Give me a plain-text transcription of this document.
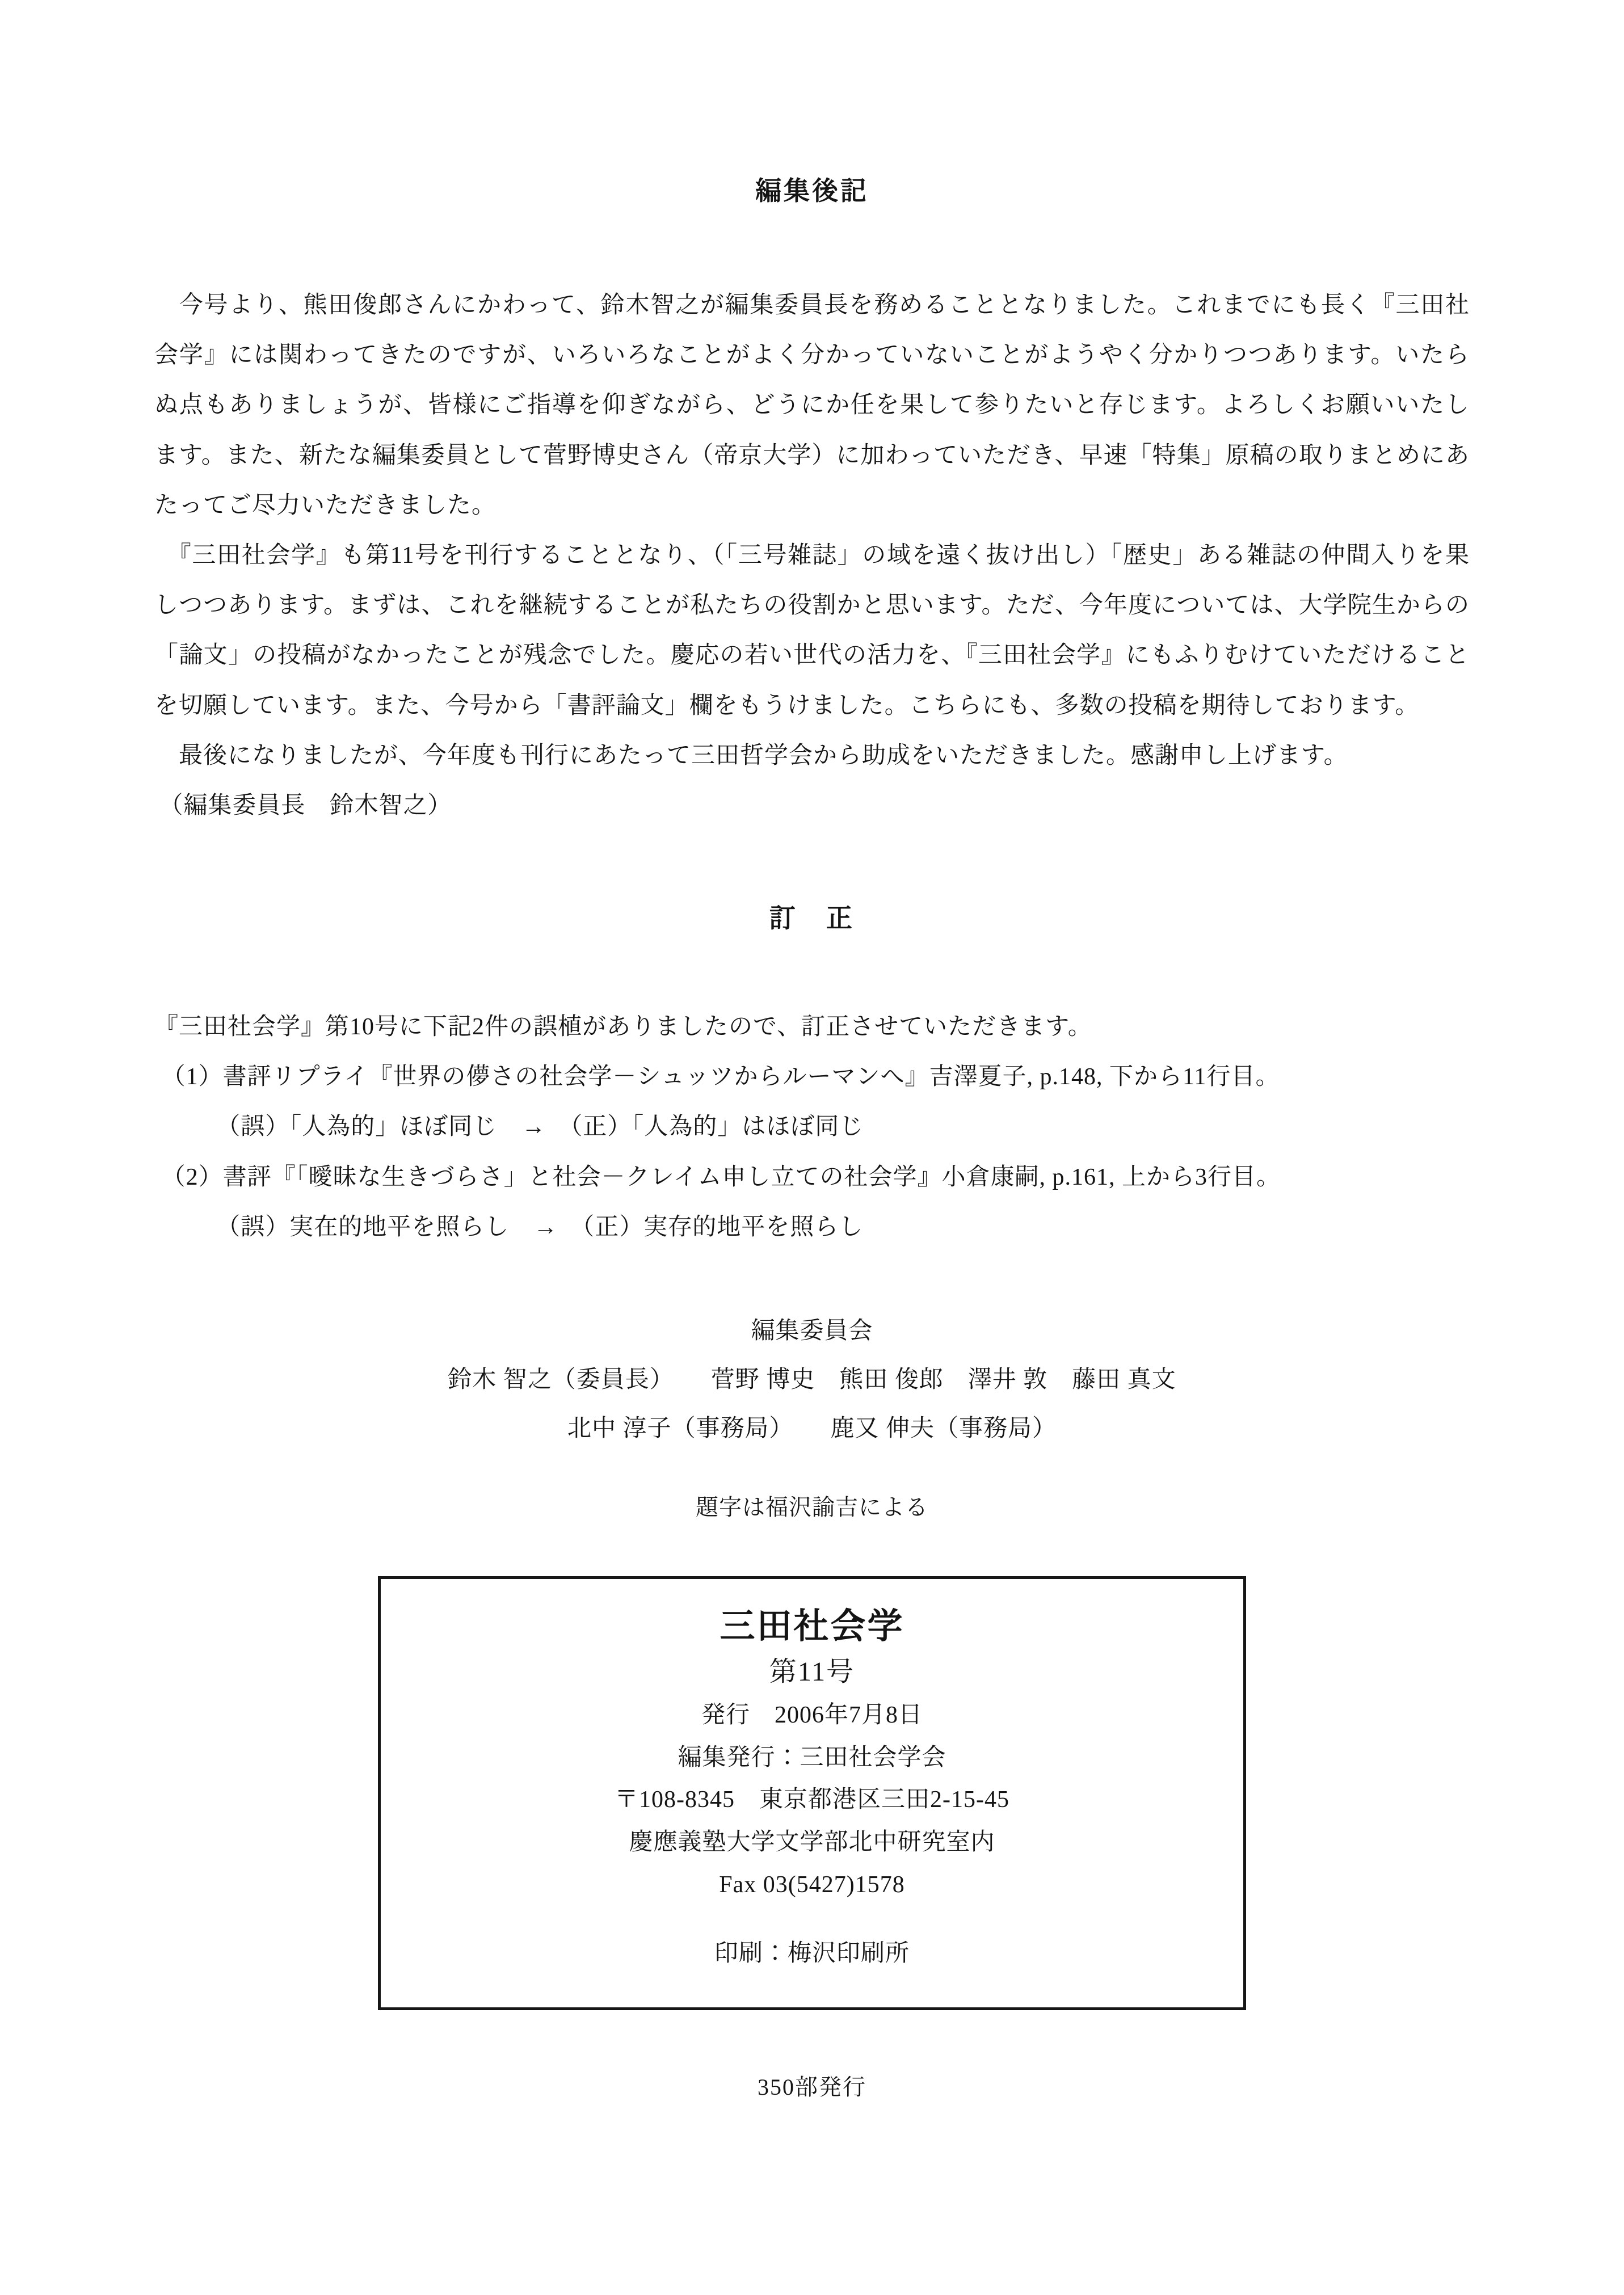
編集後記

　今号より、熊田俊郎さんにかわって、鈴木智之が編集委員長を務めることとなりました。これまでにも長く『三田社会学』には関わってきたのですが、いろいろなことがよく分かっていないことがようやく分かりつつあります。いたらぬ点もありましょうが、皆様にご指導を仰ぎながら、どうにか任を果して参りたいと存じます。よろしくお願いいたします。また、新たな編集委員として菅野博史さん（帝京大学）に加わっていただき、早速「特集」原稿の取りまとめにあたってご尽力いただきました。

　『三田社会学』も第11号を刊行することとなり、（「三号雑誌」の域を遠く抜け出し）「歴史」ある雑誌の仲間入りを果しつつあります。まずは、これを継続することが私たちの役割かと思います。ただ、今年度については、大学院生からの「論文」の投稿がなかったことが残念でした。慶応の若い世代の活力を、『三田社会学』にもふりむけていただけることを切願しています。また、今号から「書評論文」欄をもうけました。こちらにも、多数の投稿を期待しております。

　最後になりましたが、今年度も刊行にあたって三田哲学会から助成をいただきました。感謝申し上げます。

（編集委員長　鈴木智之）

訂　正

『三田社会学』第10号に下記2件の誤植がありましたので、訂正させていただきます。

（1）書評リプライ『世界の儚さの社会学－シュッツからルーマンへ』吉澤夏子, p.148, 下から11行目。

（誤）「人為的」ほぼ同じ　→　（正）「人為的」はほぼ同じ

（2）書評『「曖昧な生きづらさ」と社会－クレイム申し立ての社会学』小倉康嗣, p.161, 上から3行目。

（誤）実在的地平を照らし　→　（正）実存的地平を照らし

編集委員会

鈴木 智之（委員長）　　菅野 博史　熊田 俊郎　澤井 敦　藤田 真文

北中 淳子（事務局）　　鹿又 伸夫（事務局）

題字は福沢諭吉による

三田社会学

第11号

発行　2006年7月8日

編集発行：三田社会学会

〒108-8345　東京都港区三田2-15-45

慶應義塾大学文学部北中研究室内

Fax 03(5427)1578

印刷：梅沢印刷所

350部発行
